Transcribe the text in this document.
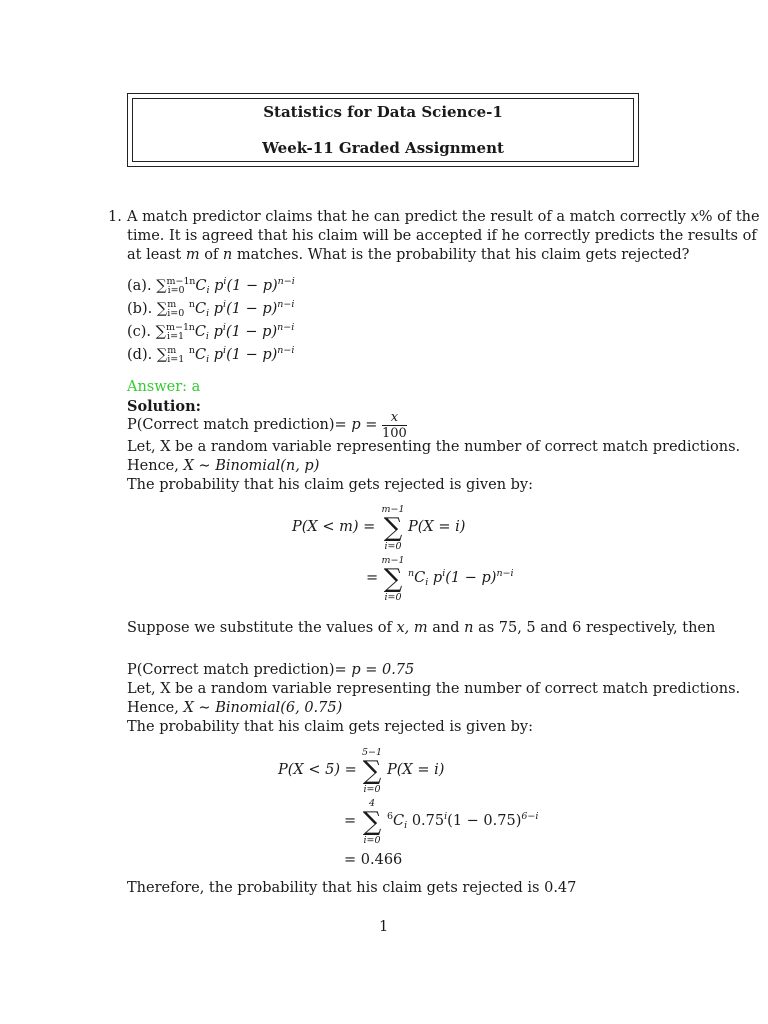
Statistics for Data Science-1
Week-11 Graded Assignment
1. A match predictor claims that he can predict the result of a match correctly x% of the
time. It is agreed that his claim will be accepted if he correctly predicts the results of
at least m of n matches. What is the probability that his claim gets rejected?
(a). ∑$^{m-1}_{i=0}$ $^nC_i$ $p^i(1 - p)^{n-i}$
(b). ∑$^m_{i=0}$ $^nC_i$ $p^i(1 - p)^{n-i}$
(c). ∑$^{m-1}_{i=1}$ $^nC_i$ $p^i(1 - p)^{n-i}$
(d). ∑$^m_{i=1}$ $^nC_i$ $p^i(1 - p)^{n-i}$
Answer: a
Solution:
P(Correct match prediction)= $p = \frac{x}{100}$
Let, X be a random variable representing the number of correct match predictions.
Hence, X ∼ Binomial(n, p)
The probability that his claim gets rejected is given by:
P(X < m) =
m−1
∑
i=0
P(X = i)
=
m−1
∑
i=0
$^nC_i$ $p^i(1 - p)^{n-i}$
Suppose we substitute the values of x, m and n as 75, 5 and 6 respectively, then
P(Correct match prediction)= p = 0.75
Let, X be a random variable representing the number of correct match predictions.
Hence, X ∼ Binomial(6, 0.75)
The probability that his claim gets rejected is given by:
P(X < 5) =
5−1
∑
i=0
P(X = i)
=
4
∑
i=0
$^6C_i$ $0.75^i(1 - 0.75)^{6-i}$
= 0.466
Therefore, the probability that his claim gets rejected is 0.47
1
